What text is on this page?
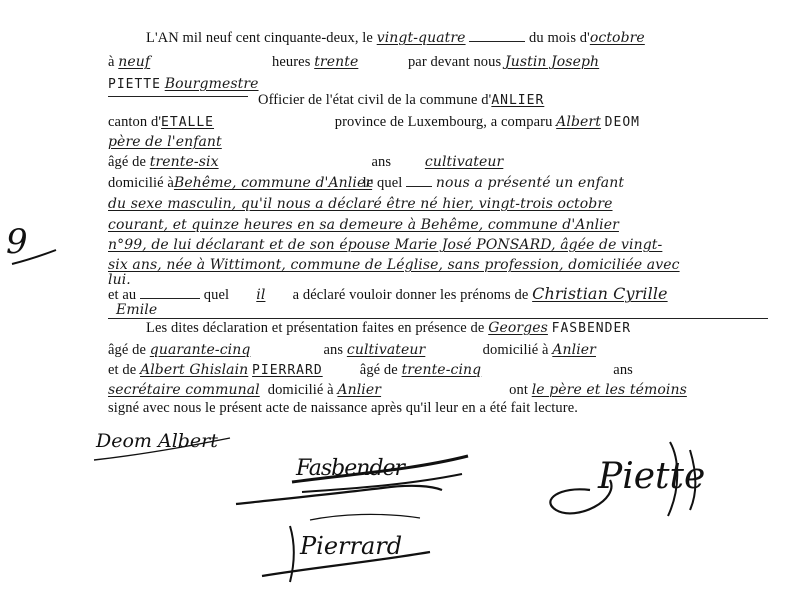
9
L'AN mil neuf cent cinquante-deux, le vingt-quatre	du mois d'octobre
à neuf	heures trente	par devant nous Justin Joseph
PIETTE Bourgmestre
Officier de l'état civil de la commune d'ANLIER
canton d'ETALLE	province de Luxembourg, a comparu Albert DEOM
père de l'enfant
âgé de trente-six	ans cultivateur
domicilié àBehême, commune d'Anlier le quel nous a présenté un enfant
du sexe masculin, qu'il nous a déclaré être né hier, vingt-trois octobre
courant, et quinze heures en sa demeure à Behême, commune d'Anlier
n°99, de lui déclarant et de son épouse Marie José PONSARD, âgée de vingt-
six ans, née à Wittimont, commune de Léglise, sans profession, domiciliée avec
lui.
et au	quel il a déclaré vouloir donner les prénoms de Christian Cyrille
Emile
Les dites déclaration et présentation faites en présence de Georges FASBENDER
âgé de quarante-cinq	ans cultivateur	domicilié à Anlier
et de Albert Ghislain PIERRARD	âgé de trente-cinq	ans
secrétaire communal domicilié à Anlier	ont le père et les témoins
signé avec nous le présent acte de naissance après qu'il leur en a été fait lecture.
Deom Albert
Fasbender	Piette
Pierrard
